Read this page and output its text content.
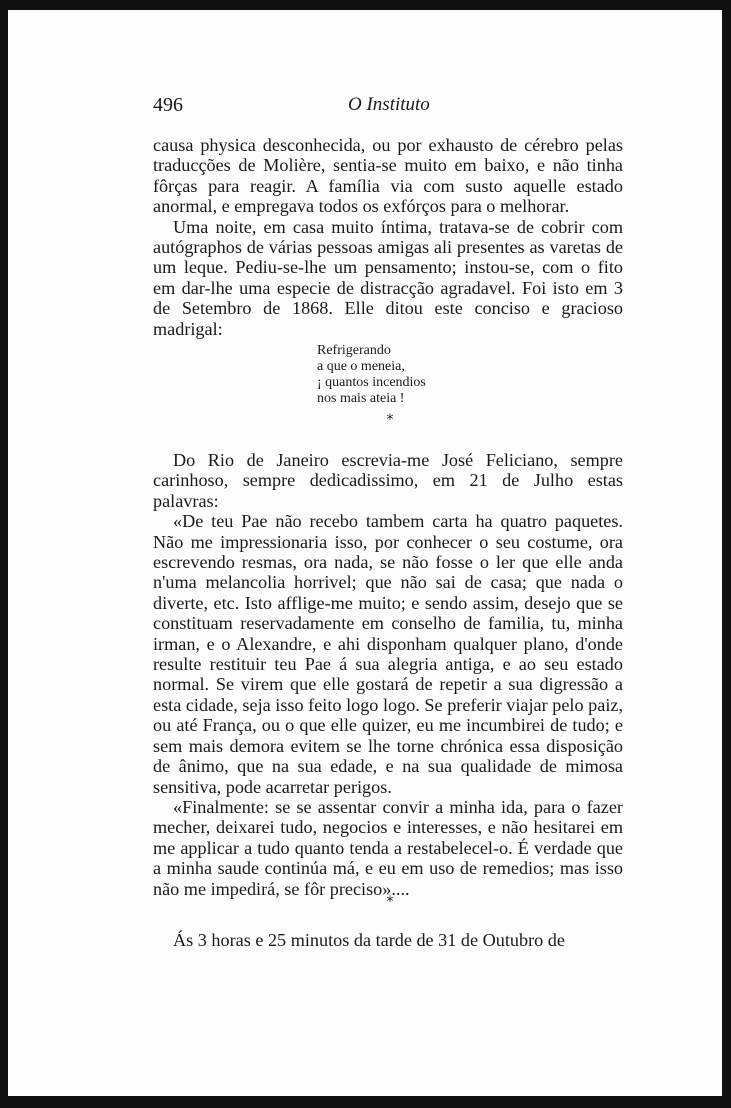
496	O Instituto

causa physica desconhecida, ou por exhausto de cérebro pelas traducções de Molière, sentia-se muito em baixo, e não tinha fôrças para reagir. A família via com susto aquelle estado anormal, e empregava todos os exfórços para o melhorar.

Uma noite, em casa muito íntima, tratava-se de cobrir com autógraphos de várias pessoas amigas ali presentes as varetas de um leque. Pediu-se-lhe um pensamento; instou-se, com o fito em dar-lhe uma especie de distracção agradavel. Foi isto em 3 de Setembro de 1868. Elle ditou este conciso e gracioso madrigal:

Refrigerando
a que o meneia,
¡ quantos incendios
nos mais ateia !
*

Do Rio de Janeiro escrevia-me José Feliciano, sempre carinhoso, sempre dedicadissimo, em 21 de Julho estas palavras:

«De teu Pae não recebo tambem carta ha quatro paquetes. Não me impressionaria isso, por conhecer o seu costume, ora escrevendo resmas, ora nada, se não fosse o ler que elle anda n'uma melancolia horrivel; que não sai de casa; que nada o diverte, etc. Isto afflige-me muito; e sendo assim, desejo que se constituam reservadamente em conselho de familia, tu, minha irman, e o Alexandre, e ahi disponham qualquer plano, d'onde resulte restituir teu Pae á sua alegria antiga, e ao seu estado normal. Se virem que elle gostará de repetir a sua digressão a esta cidade, seja isso feito logo logo. Se preferir viajar pelo paiz, ou até França, ou o que elle quizer, eu me incumbirei de tudo; e sem mais demora evitem se lhe torne chrónica essa disposição de ânimo, que na sua edade, e na sua qualidade de mimosa sensitiva, pode acarretar perigos.

«Finalmente: se se assentar convir a minha ida, para o fazer mecher, deixarei tudo, negocios e interesses, e não hesitarei em me applicar a tudo quanto tenda a restabelecel-o. É verdade que a minha saude continúa má, e eu em uso de remedios; mas isso não me impedirá, se fôr preciso»....

*

Ás 3 horas e 25 minutos da tarde de 31 de Outubro de
